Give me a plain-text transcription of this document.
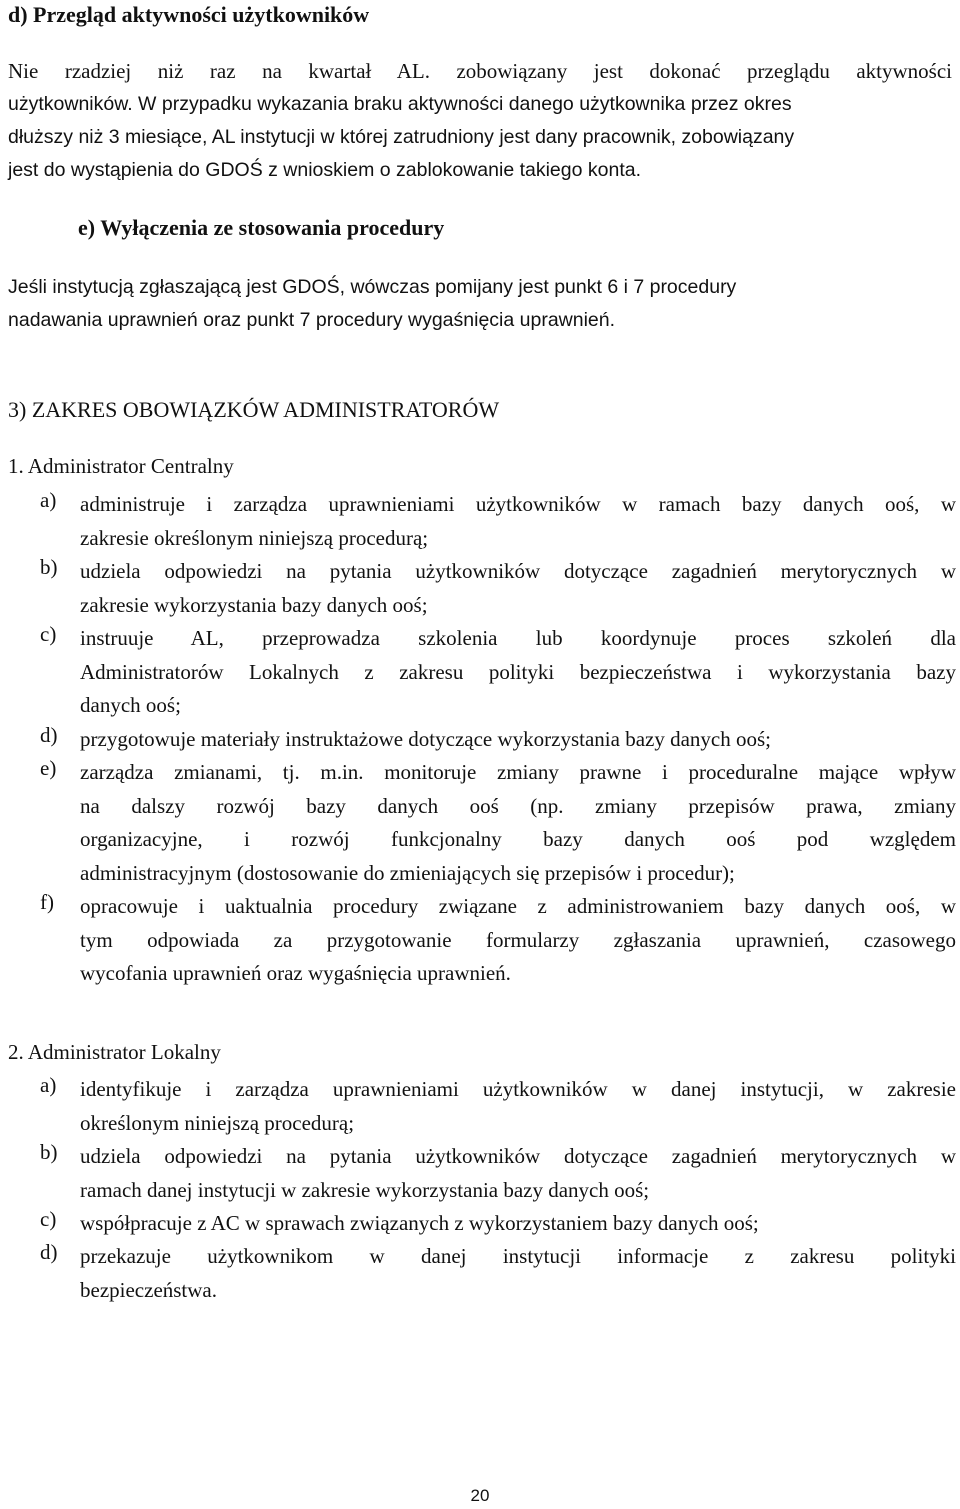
d) Przegląd aktywności użytkowników
Nie rzadziej niż raz na kwartał AL. zobowiązany jest dokonać przeglądu aktywności
użytkowników. W przypadku wykazania braku aktywności danego użytkownika przez okres
dłuższy niż 3 miesiące, AL instytucji w której zatrudniony jest dany pracownik, zobowiązany
jest do wystąpienia do GDOŚ z wnioskiem o zablokowanie takiego konta.
e) Wyłączenia ze stosowania procedury
Jeśli instytucją zgłaszającą jest GDOŚ, wówczas pomijany jest punkt 6 i 7 procedury
nadawania uprawnień oraz punkt 7 procedury wygaśnięcia uprawnień.
3) ZAKRES OBOWIĄZKÓW ADMINISTRATORÓW
1. Administrator Centralny
a) administruje i zarządza uprawnieniami użytkowników w ramach bazy danych ooś, w
zakresie określonym niniejszą procedurą;
b) udziela odpowiedzi na pytania użytkowników dotyczące zagadnień merytorycznych w
zakresie wykorzystania bazy danych ooś;
c) instruuje AL, przeprowadza szkolenia lub koordynuje proces szkoleń dla
Administratorów Lokalnych z zakresu polityki bezpieczeństwa i wykorzystania bazy
danych ooś;
d) przygotowuje materiały instruktażowe dotyczące wykorzystania bazy danych ooś;
e) zarządza zmianami, tj. m.in. monitoruje zmiany prawne i proceduralne mające wpływ
na dalszy rozwój bazy danych ooś (np. zmiany przepisów prawa, zmiany
organizacyjne, i rozwój funkcjonalny bazy danych ooś pod względem
administracyjnym (dostosowanie do zmieniających się przepisów i procedur);
f) opracowuje i uaktualnia procedury związane z administrowaniem bazy danych ooś, w
tym odpowiada za przygotowanie formularzy zgłaszania uprawnień, czasowego
wycofania uprawnień oraz wygaśnięcia uprawnień.
2. Administrator Lokalny
a) identyfikuje i zarządza uprawnieniami użytkowników w danej instytucji, w zakresie
określonym niniejszą procedurą;
b) udziela odpowiedzi na pytania użytkowników dotyczące zagadnień merytorycznych w
ramach danej instytucji w zakresie wykorzystania bazy danych ooś;
c) współpracuje z AC w sprawach związanych z wykorzystaniem bazy danych ooś;
d) przekazuje użytkownikom w danej instytucji informacje z zakresu polityki
bezpieczeństwa.
20
